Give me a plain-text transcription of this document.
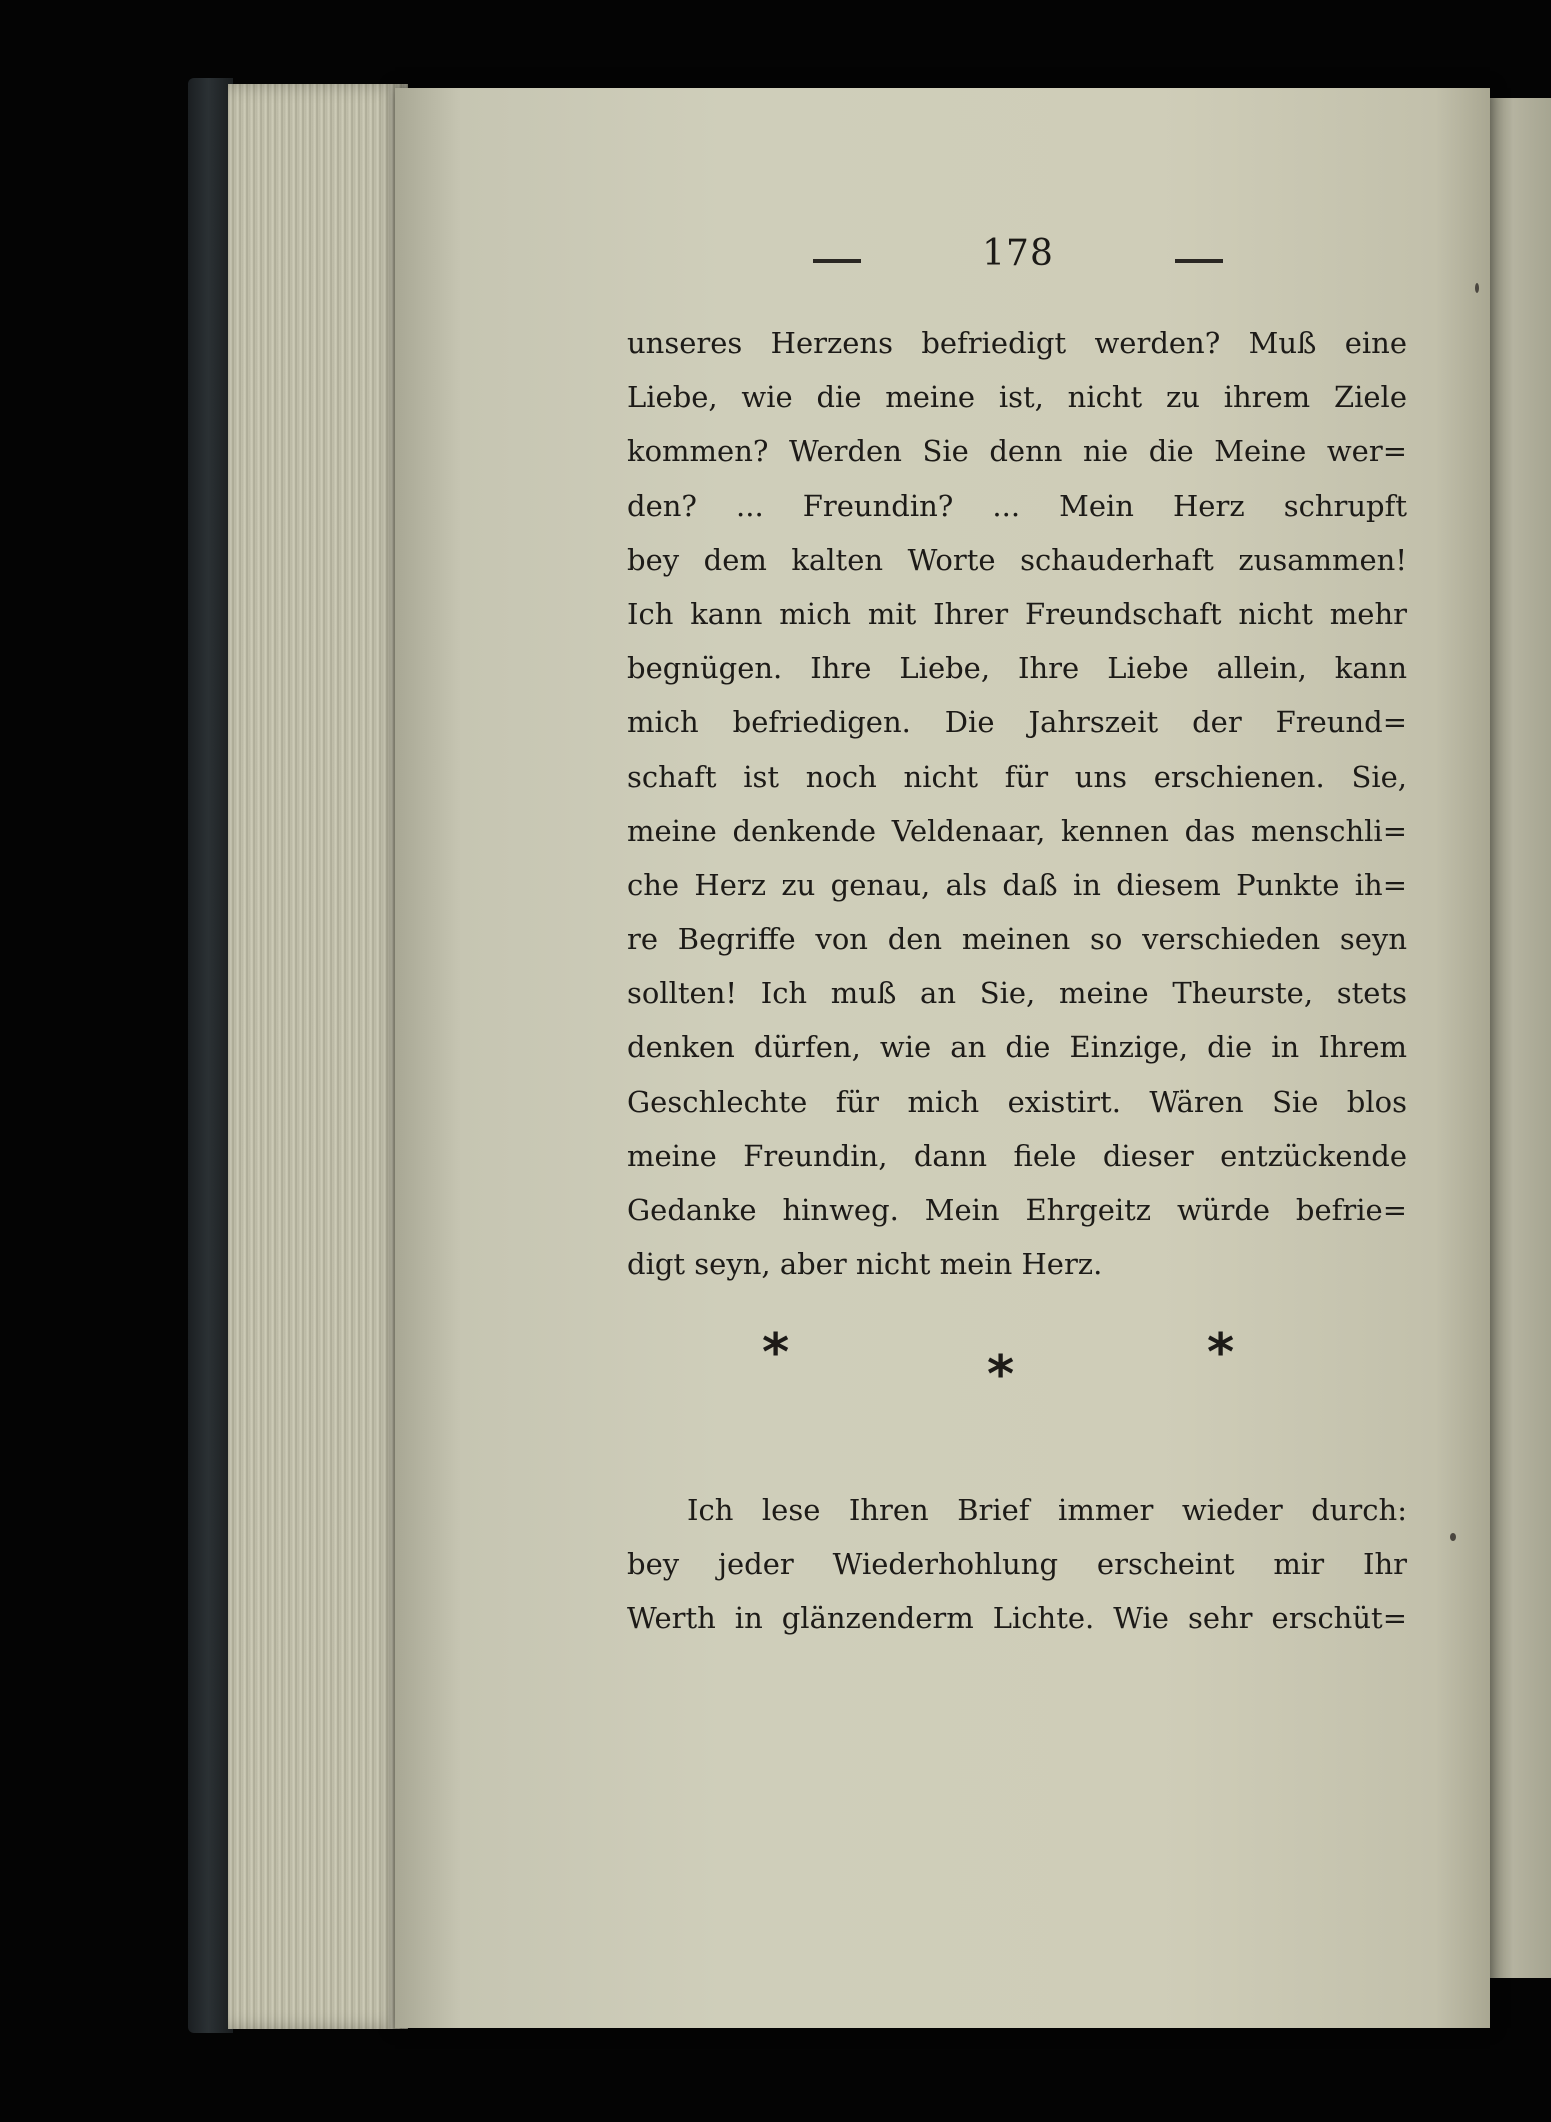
178
unseres Herzens befriedigt werden? Muß eine
Liebe, wie die meine ist, nicht zu ihrem Ziele
kommen? Werden Sie denn nie die Meine wer=
den? ... Freundin? ... Mein Herz schrupft
bey dem kalten Worte schauderhaft zusammen!
Ich kann mich mit Ihrer Freundschaft nicht mehr
begnügen. Ihre Liebe, Ihre Liebe allein, kann
mich befriedigen. Die Jahrszeit der Freund=
schaft ist noch nicht für uns erschienen. Sie,
meine denkende Veldenaar, kennen das menschli=
che Herz zu genau, als daß in diesem Punkte ih=
re Begriffe von den meinen so verschieden seyn
sollten! Ich muß an Sie, meine Theurste, stets
denken dürfen, wie an die Einzige, die in Ihrem
Geschlechte für mich existirt. Wären Sie blos
meine Freundin, dann fiele dieser entzückende
Gedanke hinweg. Mein Ehrgeitz würde befrie=
digt seyn, aber nicht mein Herz.
*	*	*
Ich lese Ihren Brief immer wieder durch:
bey jeder Wiederhohlung erscheint mir Ihr
Werth in glänzenderm Lichte. Wie sehr erschüt=
